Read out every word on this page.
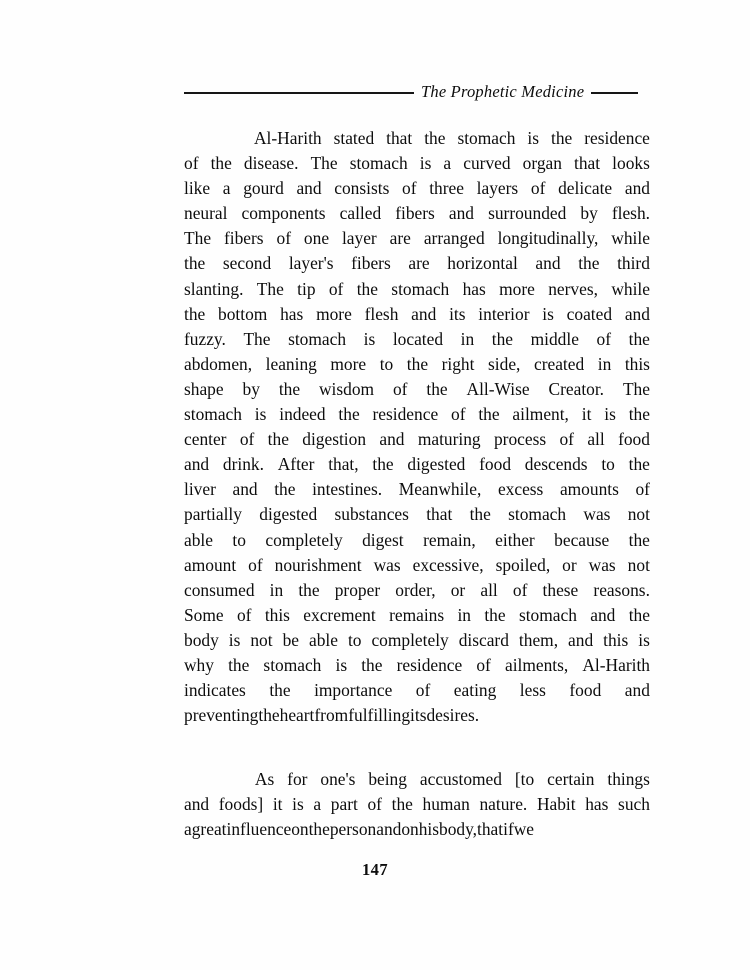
The Prophetic Medicine

Al-Harith stated that the stomach is the residence
of the disease. The stomach is a curved organ that looks
like a gourd and consists of three layers of delicate and
neural components called fibers and surrounded by flesh.
The fibers of one layer are arranged longitudinally, while
the second layer's fibers are horizontal and the third
slanting. The tip of the stomach has more nerves, while
the bottom has more flesh and its interior is coated and
fuzzy. The stomach is located in the middle of the
abdomen, leaning more to the right side, created in this
shape by the wisdom of the All-Wise Creator. The
stomach is indeed the residence of the ailment, it is the
center of the digestion and maturing process of all food
and drink. After that, the digested food descends to the
liver and the intestines. Meanwhile, excess amounts of
partially digested substances that the stomach was not
able to completely digest remain, either because the
amount of nourishment was excessive, spoiled, or was not
consumed in the proper order, or all of these reasons.
Some of this excrement remains in the stomach and the
body is not be able to completely discard them, and this is
why the stomach is the residence of ailments, Al-Harith
indicates the importance of eating less food and
preventing the heart from fulfilling its desires.

As for one's being accustomed [to certain things
and foods] it is a part of the human nature. Habit has such
a great influence on the person and on his body, that if we

147
